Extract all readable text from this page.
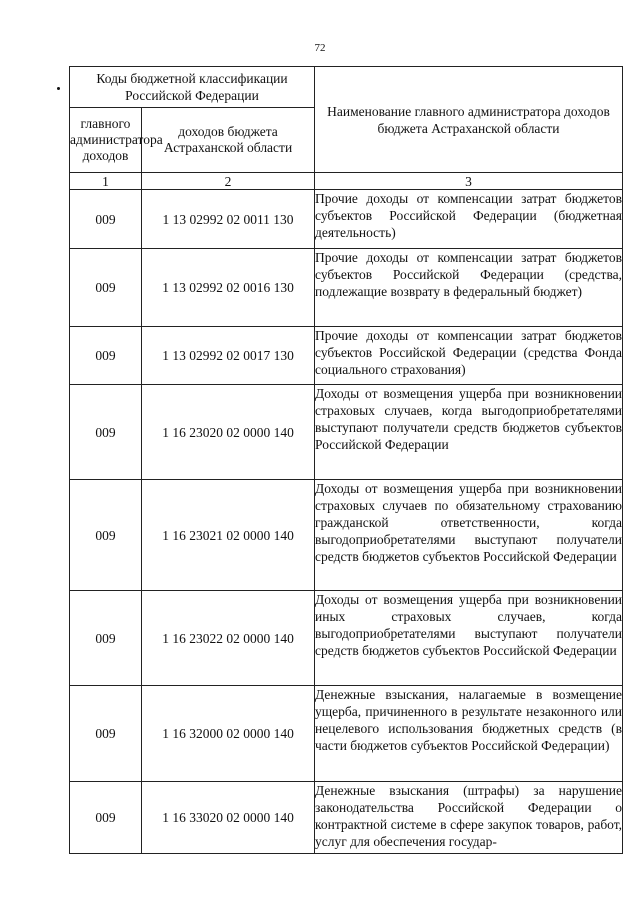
72
Коды бюджетной классификации Российской Федерации		Наименование главного администратора доходов бюджета Астраханской области
главного администратора доходов	доходов бюджета Астраханской области	
1	2	3
009	1 13 02992 02 0011 130	Прочие доходы от компенсации затрат бюджетов субъектов Российской Федерации (бюджетная деятельность)
009	1 13 02992 02 0016 130	Прочие доходы от компенсации затрат бюджетов субъектов Российской Федерации (средства, подлежащие возврату в федеральный бюджет)
009	1 13 02992 02 0017 130	Прочие доходы от компенсации затрат бюджетов субъектов Российской Федерации (средства Фонда социального страхования)
009	1 16 23020 02 0000 140	Доходы от возмещения ущерба при возникновении страховых случаев, когда выгодоприобретателями выступают получатели средств бюджетов субъектов Российской Федерации
009	1 16 23021 02 0000 140	Доходы от возмещения ущерба при возникновении страховых случаев по обязательному страхованию гражданской ответственности, когда выгодоприобретателями выступают получатели средств бюджетов субъектов Российской Федерации
009	1 16 23022 02 0000 140	Доходы от возмещения ущерба при возникновении иных страховых случаев, когда выгодоприобретателями выступают получатели средств бюджетов субъектов Российской Федерации
009	1 16 32000 02 0000 140	Денежные взыскания, налагаемые в возмещение ущерба, причиненного в результате незаконного или нецелевого использования бюджетных средств (в части бюджетов субъектов Российской Федерации)
009	1 16 33020 02 0000 140	Денежные взыскания (штрафы) за нарушение законодательства Российской Федерации о контрактной системе в сфере закупок товаров, работ, услуг для обеспечения государ-
